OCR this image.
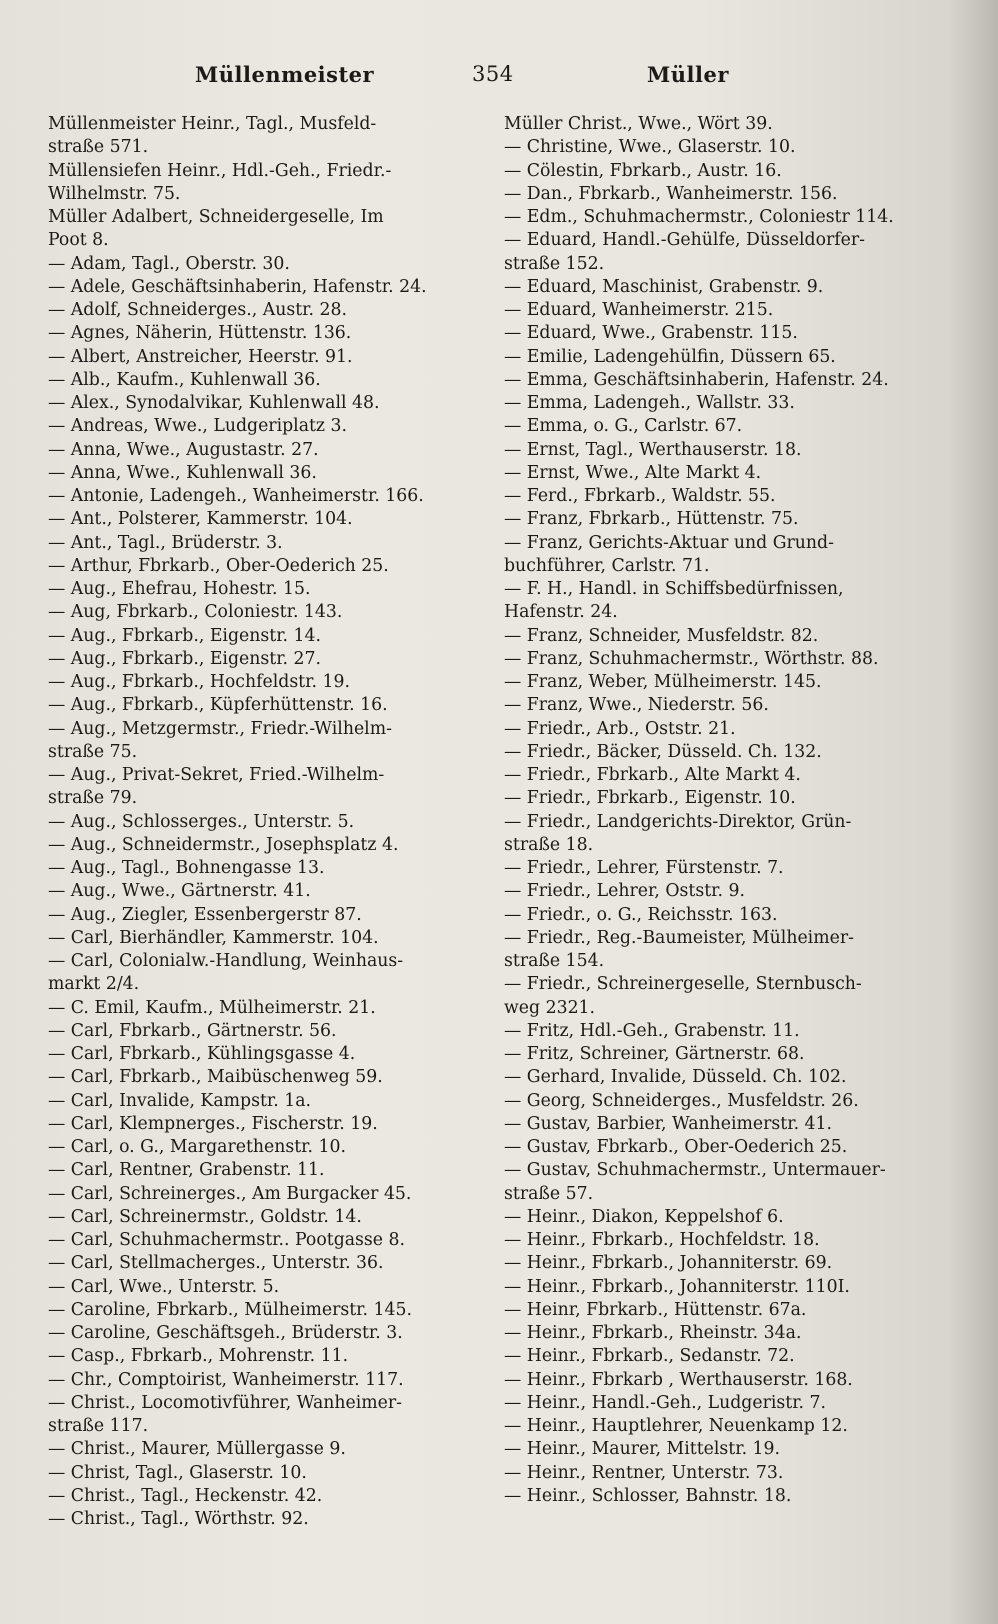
Müllenmeister	354	Müller

Müllenmeister Heinr., Tagl., Musfeld-

straße 571.

Müllensiefen Heinr., Hdl.-Geh., Friedr.-

Wilhelmstr. 75.

Müller Adalbert, Schneidergeselle, Im

Poot 8.

— Adam, Tagl., Oberstr. 30.

— Adele, Geschäftsinhaberin, Hafenstr. 24.

— Adolf, Schneiderges., Austr. 28.

— Agnes, Näherin, Hüttenstr. 136.

— Albert, Anstreicher, Heerstr. 91.

— Alb., Kaufm., Kuhlenwall 36.

— Alex., Synodalvikar, Kuhlenwall 48.

— Andreas, Wwe., Ludgeriplatz 3.

— Anna, Wwe., Augustastr. 27.

— Anna, Wwe., Kuhlenwall 36.

— Antonie, Ladengeh., Wanheimerstr. 166.

— Ant., Polsterer, Kammerstr. 104.

— Ant., Tagl., Brüderstr. 3.

— Arthur, Fbrkarb., Ober-Oederich 25.

— Aug., Ehefrau, Hohestr. 15.

— Aug, Fbrkarb., Coloniestr. 143.

— Aug., Fbrkarb., Eigenstr. 14.

— Aug., Fbrkarb., Eigenstr. 27.

— Aug., Fbrkarb., Hochfeldstr. 19.

— Aug., Fbrkarb., Küpferhüttenstr. 16.

— Aug., Metzgermstr., Friedr.-Wilhelm-

straße 75.

— Aug., Privat-Sekret, Fried.-Wilhelm-

straße 79.

— Aug., Schlosserges., Unterstr. 5.

— Aug., Schneidermstr., Josephsplatz 4.

— Aug., Tagl., Bohnengasse 13.

— Aug., Wwe., Gärtnerstr. 41.

— Aug., Ziegler, Essenbergerstr 87.

— Carl, Bierhändler, Kammerstr. 104.

— Carl, Colonialw.-Handlung, Weinhaus-

markt 2/4.

— C. Emil, Kaufm., Mülheimerstr. 21.

— Carl, Fbrkarb., Gärtnerstr. 56.

— Carl, Fbrkarb., Kühlingsgasse 4.

— Carl, Fbrkarb., Maibüschenweg 59.

— Carl, Invalide, Kampstr. 1a.

— Carl, Klempnerges., Fischerstr. 19.

— Carl, o. G., Margarethenstr. 10.

— Carl, Rentner, Grabenstr. 11.

— Carl, Schreinerges., Am Burgacker 45.

— Carl, Schreinermstr., Goldstr. 14.

— Carl, Schuhmachermstr.. Pootgasse 8.

— Carl, Stellmacherges., Unterstr. 36.

— Carl, Wwe., Unterstr. 5.

— Caroline, Fbrkarb., Mülheimerstr. 145.

— Caroline, Geschäftsgeh., Brüderstr. 3.

— Casp., Fbrkarb., Mohrenstr. 11.

— Chr., Comptoirist, Wanheimerstr. 117.

— Christ., Locomotivführer, Wanheimer-

straße 117.

— Christ., Maurer, Müllergasse 9.

— Christ, Tagl., Glaserstr. 10.

— Christ., Tagl., Heckenstr. 42.

— Christ., Tagl., Wörthstr. 92.

Müller Christ., Wwe., Wört 39.

— Christine, Wwe., Glaserstr. 10.

— Cölestin, Fbrkarb., Austr. 16.

— Dan., Fbrkarb., Wanheimerstr. 156.

— Edm., Schuhmachermstr., Coloniestr 114.

— Eduard, Handl.-Gehülfe, Düsseldorfer-

straße 152.

— Eduard, Maschinist, Grabenstr. 9.

— Eduard, Wanheimerstr. 215.

— Eduard, Wwe., Grabenstr. 115.

— Emilie, Ladengehülfin, Düssern 65.

— Emma, Geschäftsinhaberin, Hafenstr. 24.

— Emma, Ladengeh., Wallstr. 33.

— Emma, o. G., Carlstr. 67.

— Ernst, Tagl., Werthauserstr. 18.

— Ernst, Wwe., Alte Markt 4.

— Ferd., Fbrkarb., Waldstr. 55.

— Franz, Fbrkarb., Hüttenstr. 75.

— Franz, Gerichts-Aktuar und Grund-

buchführer, Carlstr. 71.

— F. H., Handl. in Schiffsbedürfnissen,

Hafenstr. 24.

— Franz, Schneider, Musfeldstr. 82.

— Franz, Schuhmachermstr., Wörthstr. 88.

— Franz, Weber, Mülheimerstr. 145.

— Franz, Wwe., Niederstr. 56.

— Friedr., Arb., Oststr. 21.

— Friedr., Bäcker, Düsseld. Ch. 132.

— Friedr., Fbrkarb., Alte Markt 4.

— Friedr., Fbrkarb., Eigenstr. 10.

— Friedr., Landgerichts-Direktor, Grün-

straße 18.

— Friedr., Lehrer, Fürstenstr. 7.

— Friedr., Lehrer, Oststr. 9.

— Friedr., o. G., Reichsstr. 163.

— Friedr., Reg.-Baumeister, Mülheimer-

straße 154.

— Friedr., Schreinergeselle, Sternbusch-

weg 2321.

— Fritz, Hdl.-Geh., Grabenstr. 11.

— Fritz, Schreiner, Gärtnerstr. 68.

— Gerhard, Invalide, Düsseld. Ch. 102.

— Georg, Schneiderges., Musfeldstr. 26.

— Gustav, Barbier, Wanheimerstr. 41.

— Gustav, Fbrkarb., Ober-Oederich 25.

— Gustav, Schuhmachermstr., Untermauer-

straße 57.

— Heinr., Diakon, Keppelshof 6.

— Heinr., Fbrkarb., Hochfeldstr. 18.

— Heinr., Fbrkarb., Johanniterstr. 69.

— Heinr., Fbrkarb., Johanniterstr. 110I.

— Heinr, Fbrkarb., Hüttenstr. 67a.

— Heinr., Fbrkarb., Rheinstr. 34a.

— Heinr., Fbrkarb., Sedanstr. 72.

— Heinr., Fbrkarb , Werthauserstr. 168.

— Heinr., Handl.-Geh., Ludgeristr. 7.

— Heinr., Hauptlehrer, Neuenkamp 12.

— Heinr., Maurer, Mittelstr. 19.

— Heinr., Rentner, Unterstr. 73.

— Heinr., Schlosser, Bahnstr. 18.
